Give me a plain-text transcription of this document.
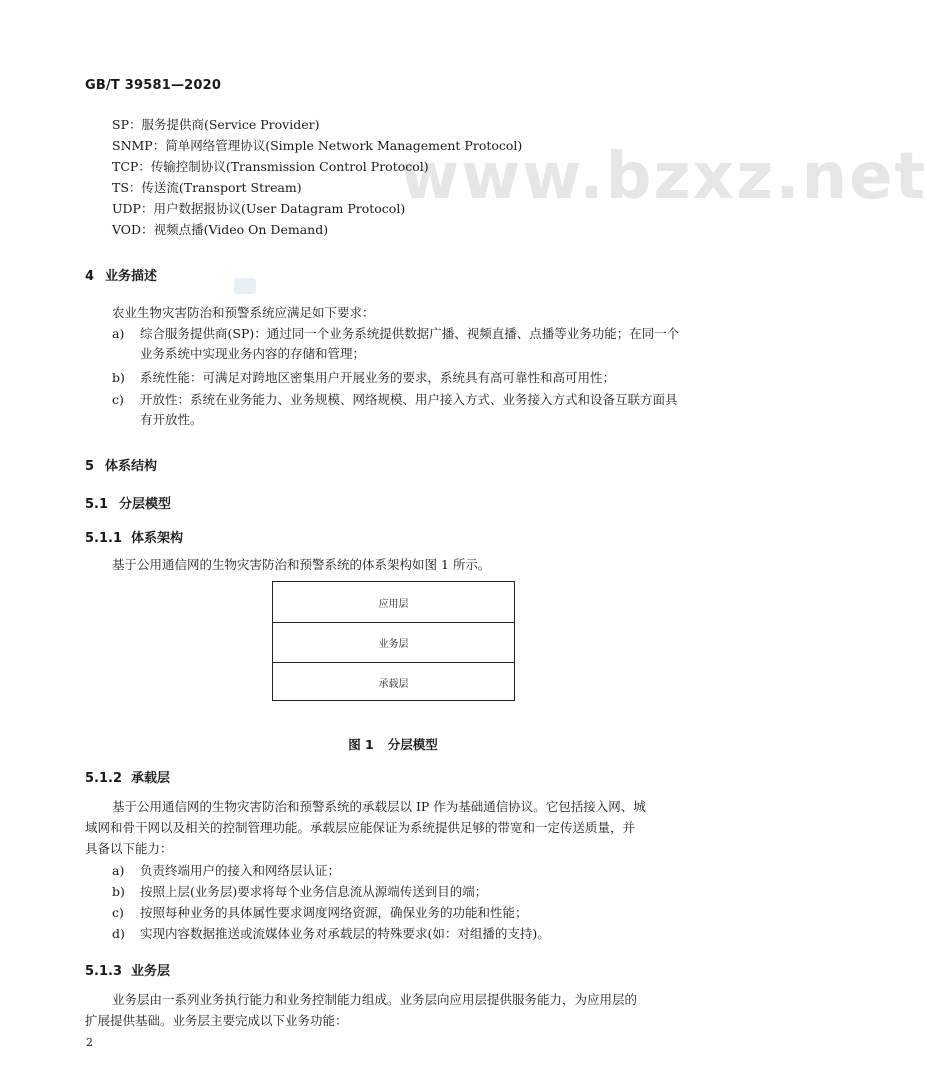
www.bzxz.net
GB/T 39581—2020
SP：服务提供商(Service Provider)
SNMP：简单网络管理协议(Simple Network Management Protocol)
TCP：传输控制协议(Transmission Control Protocol)
TS：传送流(Transport Stream)
UDP：用户数据报协议(User Datagram Protocol)
VOD：视频点播(Video On Demand)
4 业务描述
农业生物灾害防治和预警系统应满足如下要求：
a) 综合服务提供商(SP)：通过同一个业务系统提供数据广播、视频直播、点播等业务功能；在同一个业务系统中实现业务内容的存储和管理；
b) 系统性能：可满足对跨地区密集用户开展业务的要求，系统具有高可靠性和高可用性；
c) 开放性：系统在业务能力、业务规模、网络规模、用户接入方式、业务接入方式和设备互联方面具有开放性。
5 体系结构
5.1 分层模型
5.1.1 体系架构
基于公用通信网的生物灾害防治和预警系统的体系架构如图 1 所示。
应用层
业务层
承载层
图 1 分层模型
5.1.2 承载层
基于公用通信网的生物灾害防治和预警系统的承载层以 IP 作为基础通信协议。它包括接入网、城
域网和骨干网以及相关的控制管理功能。承载层应能保证为系统提供足够的带宽和一定传送质量，并
具备以下能力：
a) 负责终端用户的接入和网络层认证；
b) 按照上层(业务层)要求将每个业务信息流从源端传送到目的端；
c) 按照每种业务的具体属性要求调度网络资源，确保业务的功能和性能；
d) 实现内容数据推送或流媒体业务对承载层的特殊要求(如：对组播的支持)。
5.1.3 业务层
业务层由一系列业务执行能力和业务控制能力组成。业务层向应用层提供服务能力，为应用层的
扩展提供基础。业务层主要完成以下业务功能：
2
